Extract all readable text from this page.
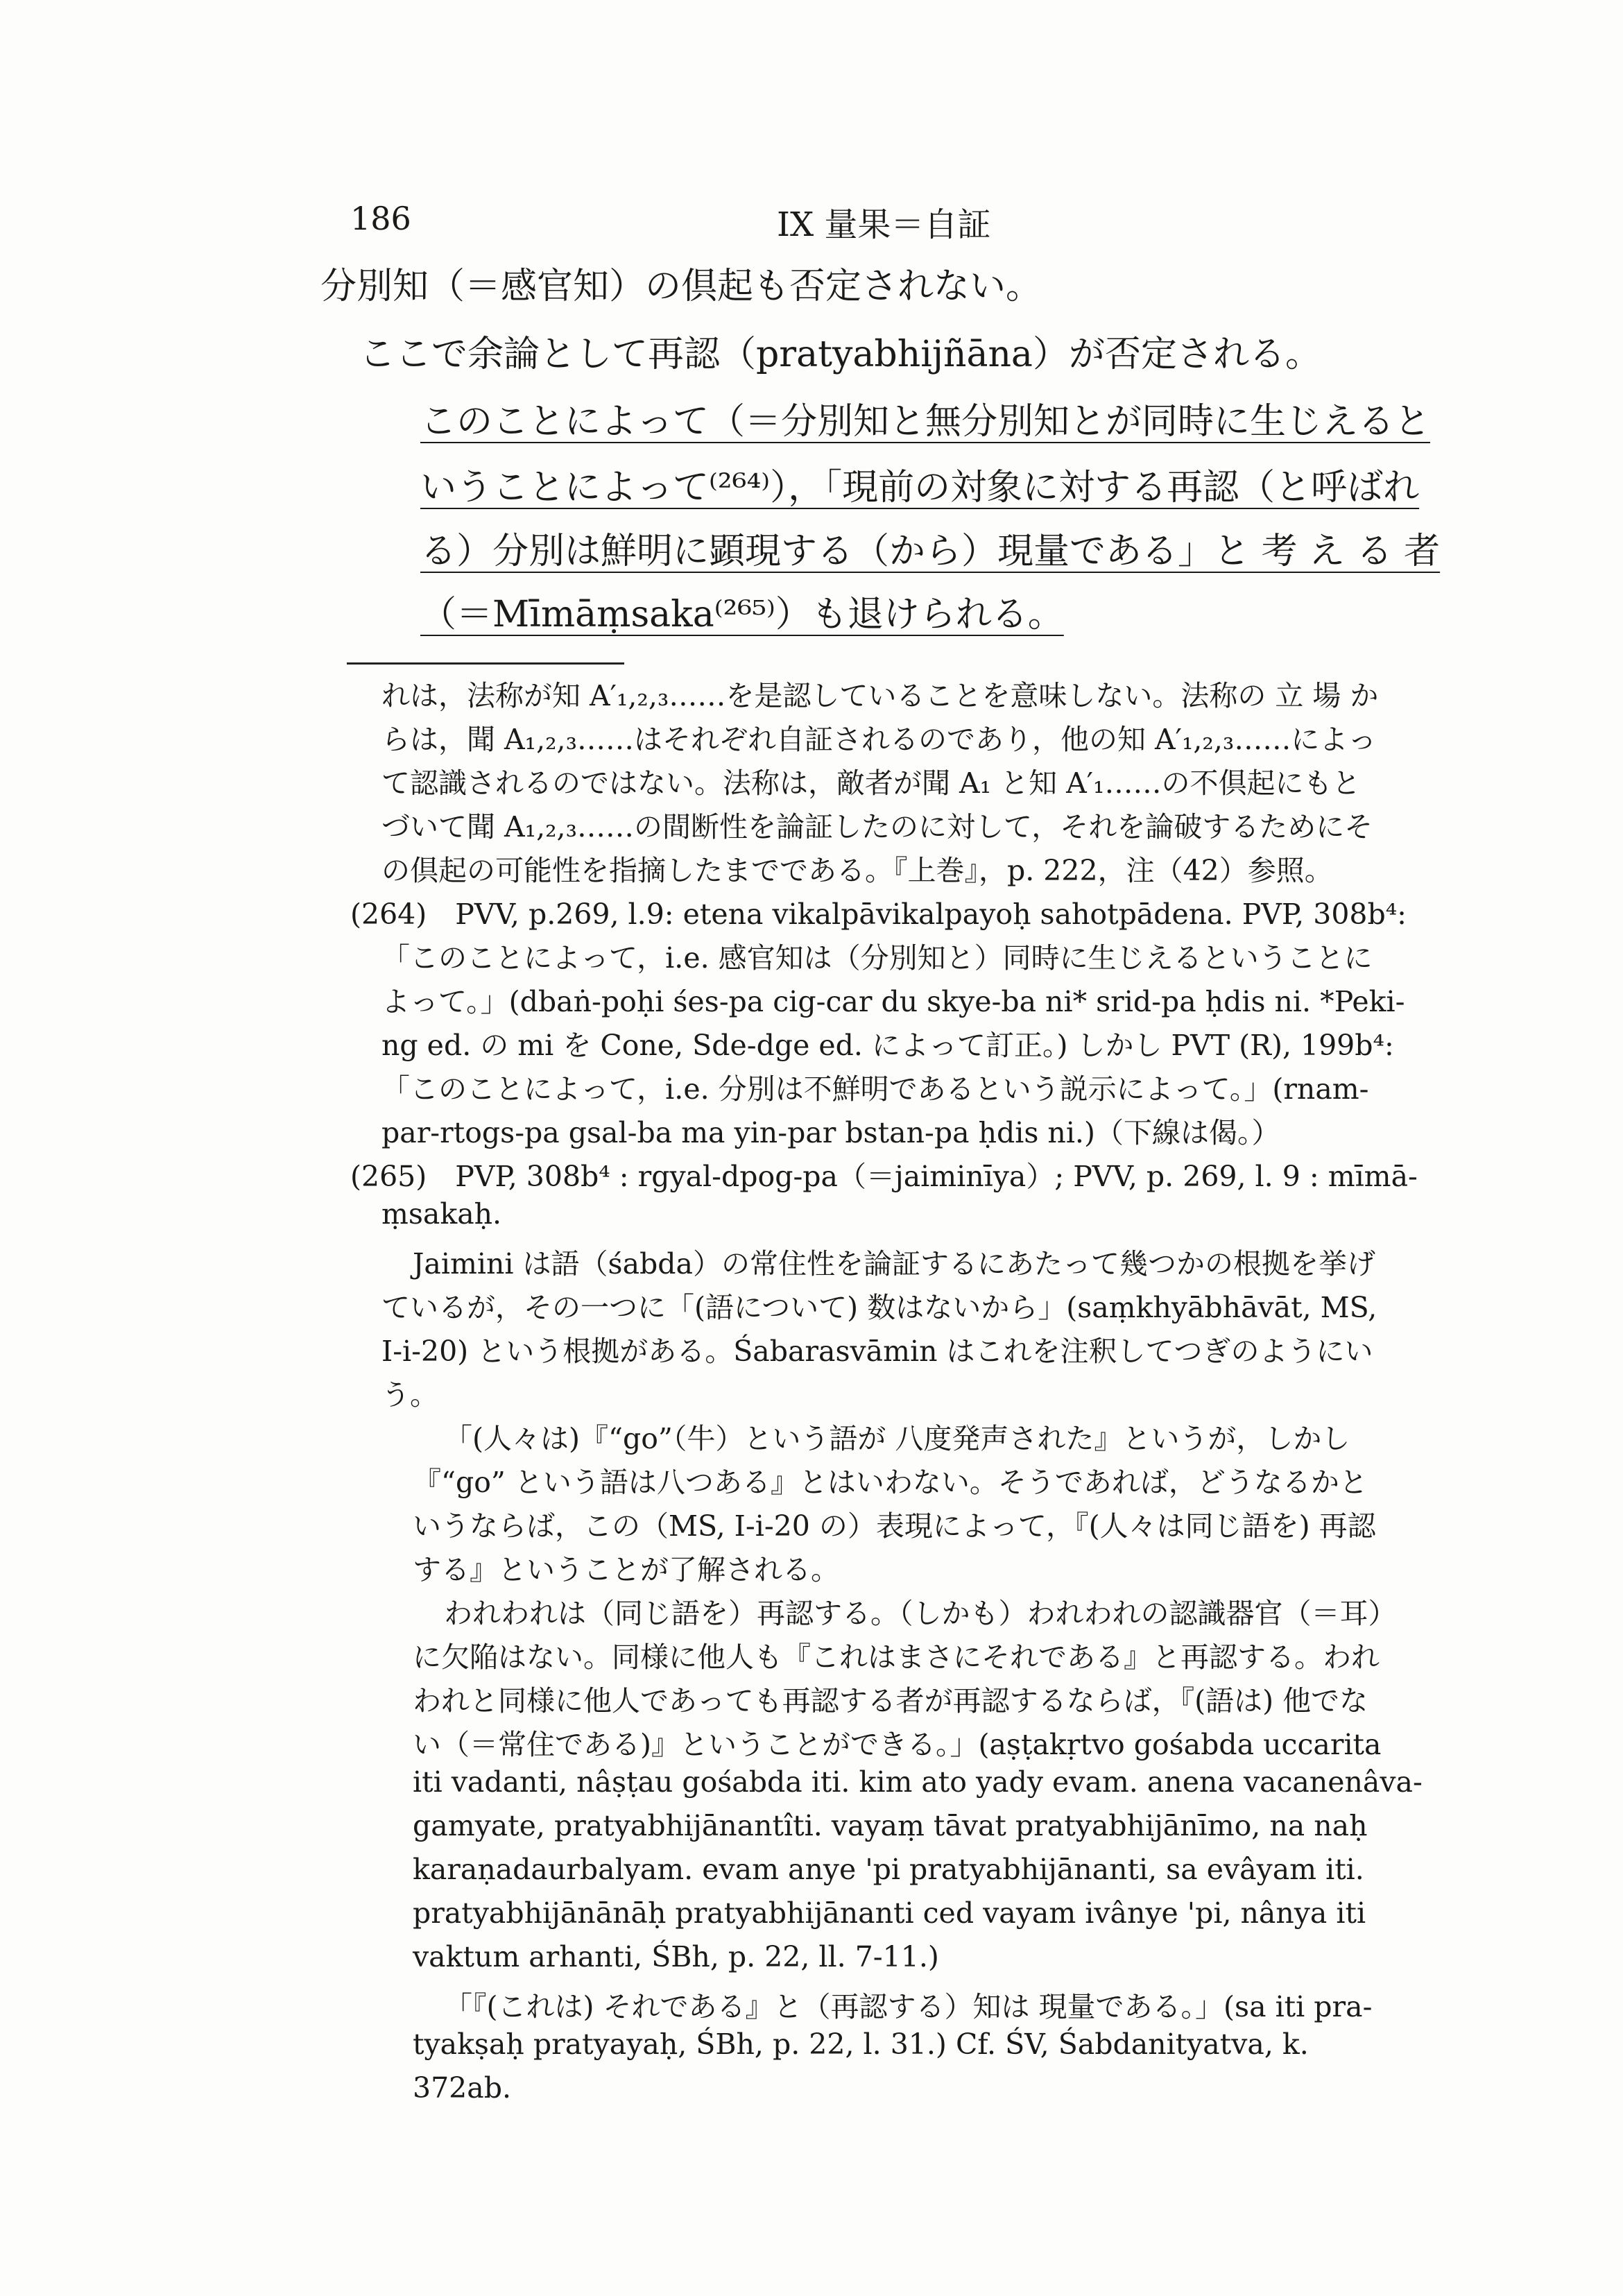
186	IX 量果＝自証
分別知（＝感官知）の倶起も否定されない。
ここで余論として再認（pratyabhijñāna）が否定される。
このことによって（＝分別知と無分別知とが同時に生じえると
いうことによって⁽²⁶⁴⁾），「現前の対象に対する再認（と呼ばれ
る）分別は鮮明に顕現する（から）現量である」と 考 え る 者
（＝Mīmāṃsaka⁽²⁶⁵⁾）も退けられる。
れは，法称が知 A′₁,₂,₃……を是認していることを意味しない。法称の 立 場 か
らは，聞 A₁,₂,₃……はそれぞれ自証されるのであり，他の知 A′₁,₂,₃……によっ
て認識されるのではない。法称は，敵者が聞 A₁ と知 A′₁……の不倶起にもと
づいて聞 A₁,₂,₃……の間断性を論証したのに対して，それを論破するためにそ
の倶起の可能性を指摘したまでである。『上巻』，p. 222，注（42）参照。
(264)　PVV, p.269, l.9: etena vikalpāvikalpayoḥ sahotpādena. PVP, 308b⁴:
「このことによって，i.e. 感官知は（分別知と）同時に生じえるということに
よって。」(dbaṅ-poḥi śes-pa cig-car du skye-ba ni* srid-pa ḥdis ni. *Peki-
ng ed. の mi を Cone, Sde-dge ed. によって訂正。) しかし PVT (R), 199b⁴:
「このことによって，i.e. 分別は不鮮明であるという説示によって。」(rnam-
par-rtogs-pa gsal-ba ma yin-par bstan-pa ḥdis ni.)（下線は偈。）
(265)　PVP, 308b⁴ : rgyal-dpog-pa（＝jaiminīya）; PVV, p. 269, l. 9 : mīmā-
ṃsakaḥ.
Jaimini は語（śabda）の常住性を論証するにあたって幾つかの根拠を挙げ
ているが，その一つに「(語について) 数はないから」(saṃkhyābhāvāt, MS,
I-i-20) という根拠がある。Śabarasvāmin はこれを注釈してつぎのようにい
う。
「(人々は)『“go”（牛）という語が 八度発声された』というが，しかし
『“go” という語は八つある』とはいわない。そうであれば，どうなるかと
いうならば，この（MS, I-i-20 の）表現によって，『(人々は同じ語を) 再認
する』ということが了解される。
われわれは（同じ語を）再認する。（しかも）われわれの認識器官（＝耳）
に欠陥はない。同様に他人も『これはまさにそれである』と再認する。われ
われと同様に他人であっても再認する者が再認するならば，『(語は) 他でな
い（＝常住である)』ということができる。」(aṣṭakṛtvo gośabda uccarita
iti vadanti, nâṣṭau gośabda iti. kim ato yady evam. anena vacanenâva-
gamyate, pratyabhijānantîti. vayaṃ tāvat pratyabhijānīmo, na naḥ
karaṇadaurbalyam. evam anye 'pi pratyabhijānanti, sa evâyam iti.
pratyabhijānānāḥ pratyabhijānanti ced vayam ivânye 'pi, nânya iti
vaktum arhanti, ŚBh, p. 22, ll. 7-11.)
「『(これは) それである』と（再認する）知は 現量である。」(sa iti pra-
tyakṣaḥ pratyayaḥ, ŚBh, p. 22, l. 31.) Cf. ŚV, Śabdanityatva, k.
372ab.
